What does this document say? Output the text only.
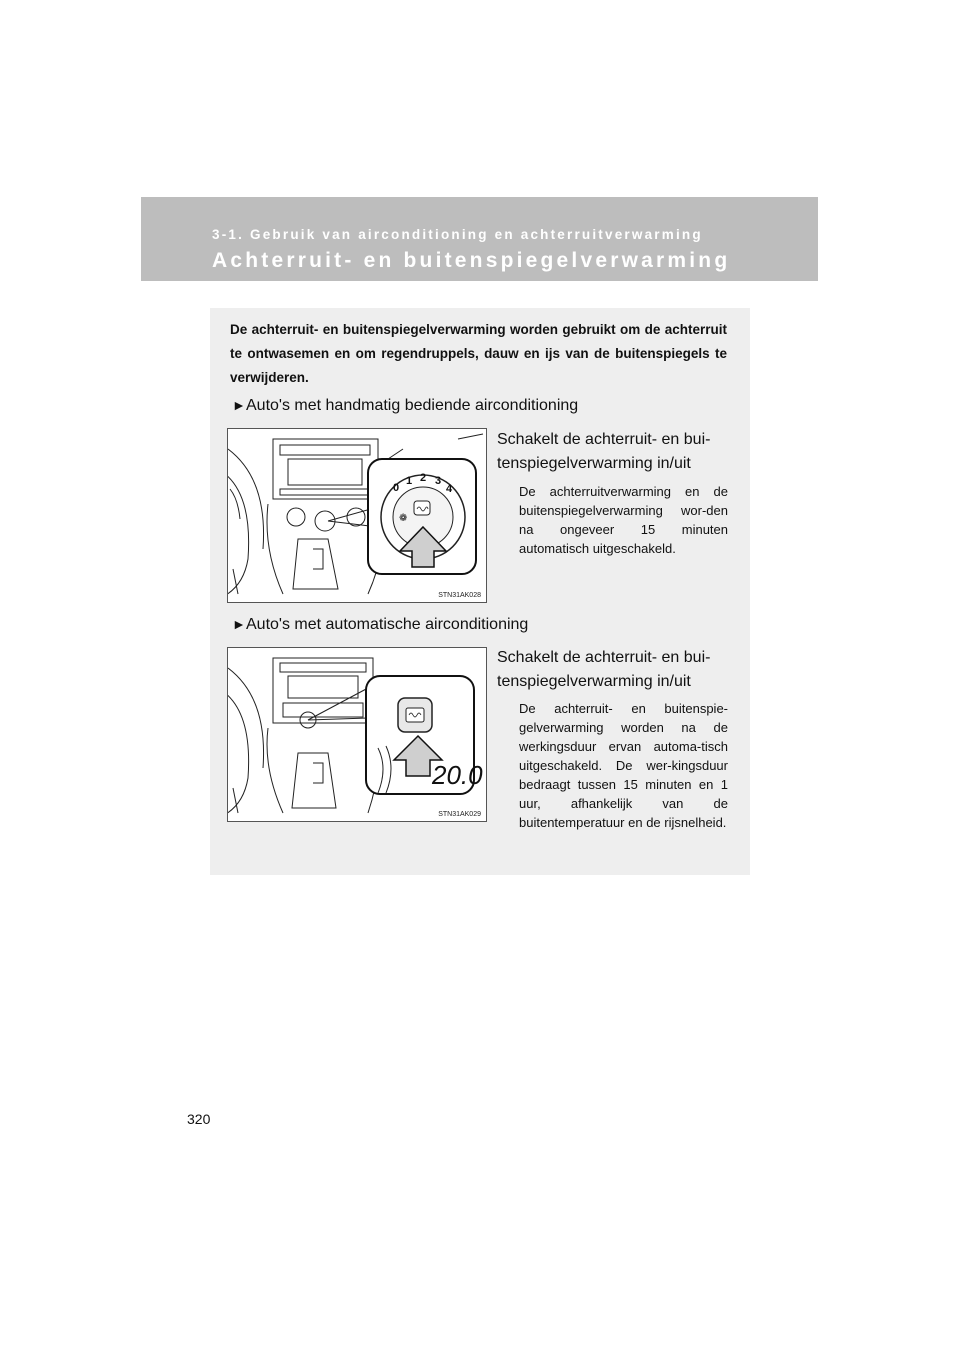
3-1. Gebruik van airconditioning en achterruitverwarming
Achterruit- en buitenspiegelverwarming

De achterruit- en buitenspiegelverwarming worden gebruikt om de achterruit te ontwasemen en om regendruppels, dauw en ijs van de buitenspiegels te verwijderen.

►Auto's met handmatig bediende airconditioning
❁
0
1 2 3
4
STN31AK028

Schakelt de achterruit- en bui-tenspiegelverwarming in/uit

De achterruitverwarming en de buitenspiegelverwarming wor-den na ongeveer 15 minuten automatisch uitgeschakeld.

►Auto's met automatische airconditioning
20.0
STN31AK029

Schakelt de achterruit- en bui-tenspiegelverwarming in/uit

De achterruit- en buitenspie-gelverwarming worden na de werkingsduur ervan automa-tisch uitgeschakeld. De wer-kingsduur bedraagt tussen 15 minuten en 1 uur, afhankelijk van de buitentemperatuur en de rijsnelheid.

320
